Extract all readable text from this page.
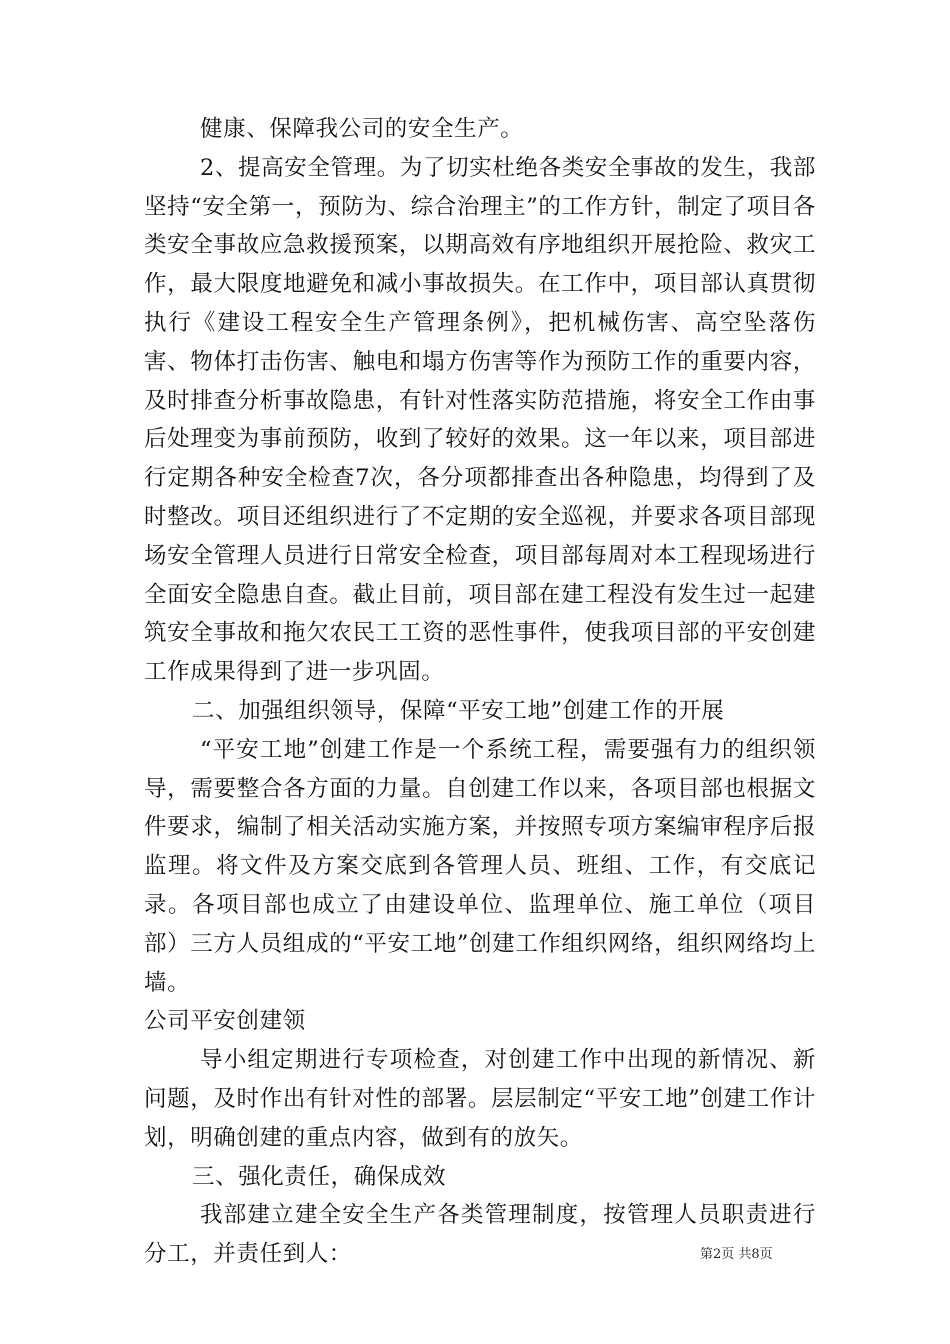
健康、保障我公司的安全生产。

2、提高安全管理。为了切实杜绝各类安全事故的发生，我部坚持“安全第一，预防为、综合治理主”的工作方针，制定了项目各类安全事故应急救援预案，以期高效有序地组织开展抢险、救灾工作，最大限度地避免和减小事故损失。在工作中，项目部认真贯彻执行《建设工程安全生产管理条例》，把机械伤害、高空坠落伤害、物体打击伤害、触电和塌方伤害等作为预防工作的重要内容，及时排查分析事故隐患，有针对性落实防范措施，将安全工作由事后处理变为事前预防，收到了较好的效果。这一年以来，项目部进行定期各种安全检查7次，各分项都排查出各种隐患，均得到了及时整改。项目还组织进行了不定期的安全巡视，并要求各项目部现场安全管理人员进行日常安全检查，项目部每周对本工程现场进行全面安全隐患自查。截止目前，项目部在建工程没有发生过一起建筑安全事故和拖欠农民工工资的恶性事件，使我项目部的平安创建工作成果得到了进一步巩固。

二、加强组织领导，保障“平安工地”创建工作的开展

“平安工地”创建工作是一个系统工程，需要强有力的组织领导，需要整合各方面的力量。自创建工作以来，各项目部也根据文件要求，编制了相关活动实施方案，并按照专项方案编审程序后报监理。将文件及方案交底到各管理人员、班组、工作，有交底记录。各项目部也成立了由建设单位、监理单位、施工单位（项目部）三方人员组成的“平安工地”创建工作组织网络，组织网络均上墙。

公司平安创建领

导小组定期进行专项检查，对创建工作中出现的新情况、新问题，及时作出有针对性的部署。层层制定“平安工地”创建工作计划，明确创建的重点内容，做到有的放矢。

三、强化责任，确保成效

我部建立建全安全生产各类管理制度，按管理人员职责进行分工，并责任到人：	第2页 共8页
